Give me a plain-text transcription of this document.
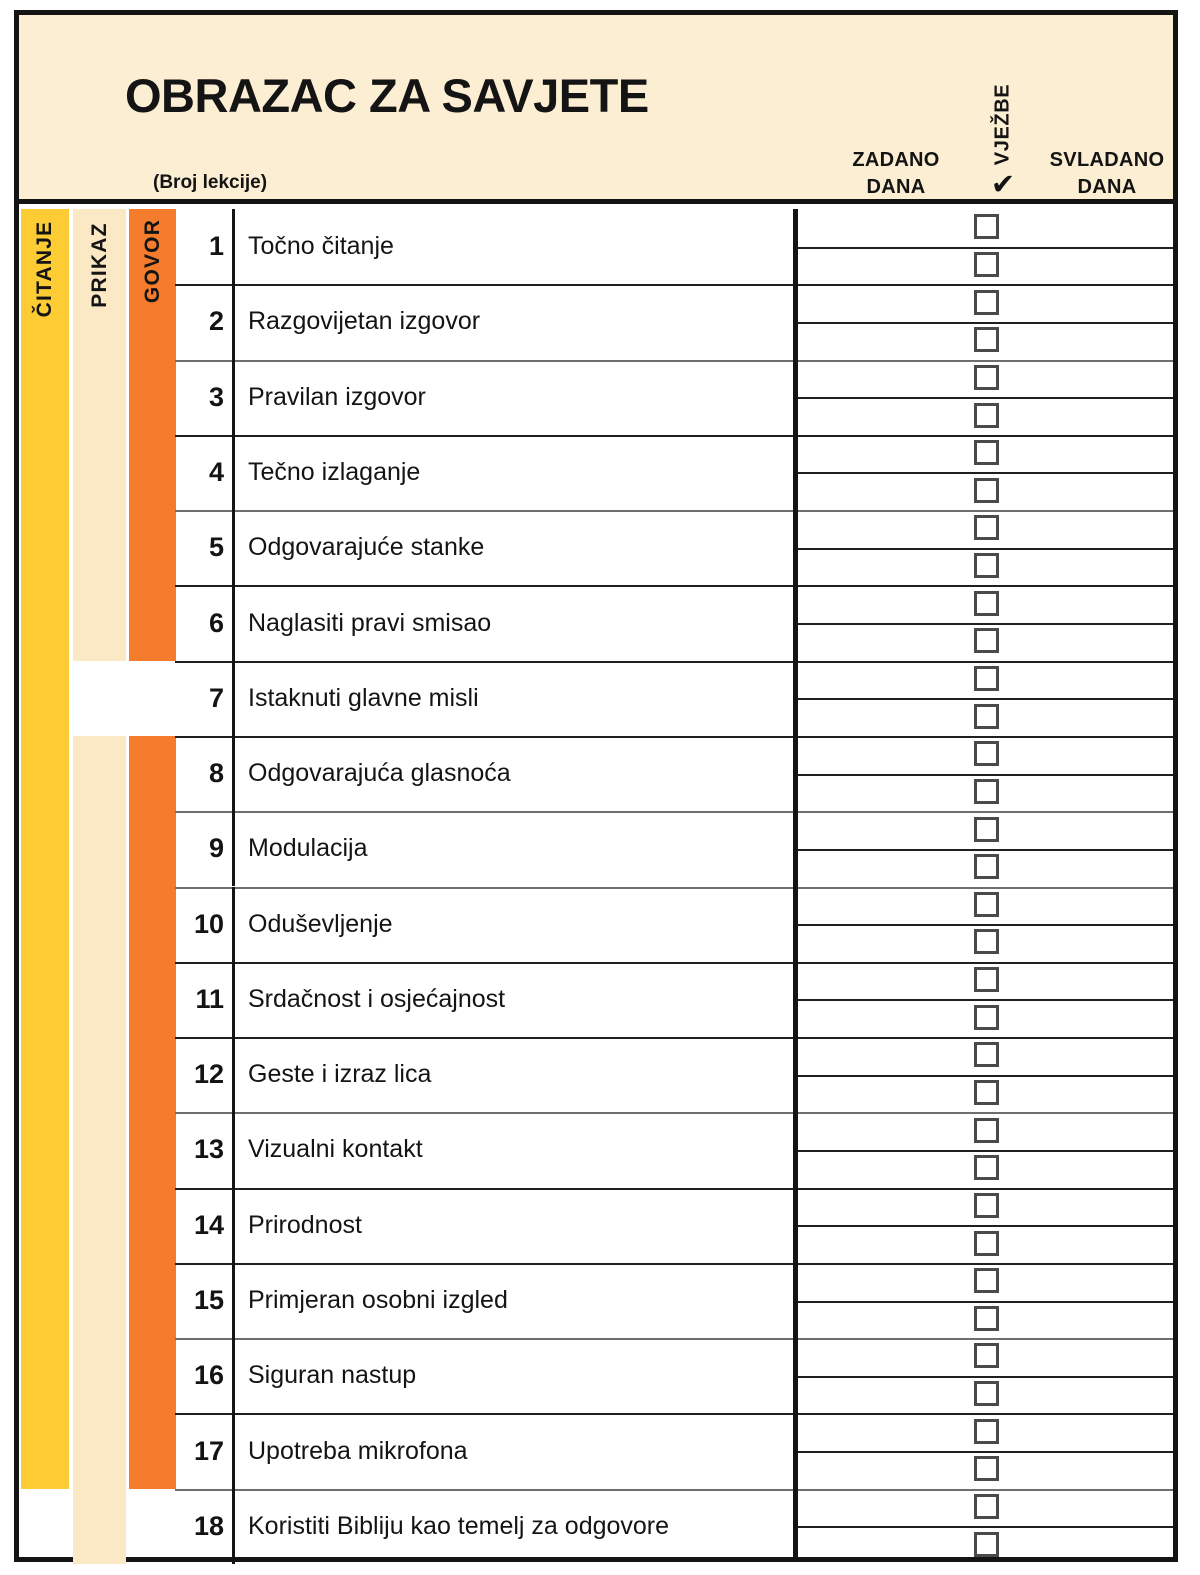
OBRAZAC ZA SAVJETE
(Broj lekcije)
ZADANO
DANA
VJEŽBE
✔
SVLADANO
DANA
ČITANJE PRIKAZ GOVOR	1 Točno čitanje
2 Razgovijetan izgovor
3 Pravilan izgovor
4 Tečno izlaganje
5 Odgovarajuće stanke
6 Naglasiti pravi smisao
7 Istaknuti glavne misli
8 Odgovarajuća glasnoća
9 Modulacija
10 Oduševljenje
11 Srdačnost i osjećajnost
12 Geste i izraz lica
13 Vizualni kontakt
14 Prirodnost
15 Primjeran osobni izgled
16 Siguran nastup
17 Upotreba mikrofona
18 Koristiti Bibliju kao temelj za odgovore
